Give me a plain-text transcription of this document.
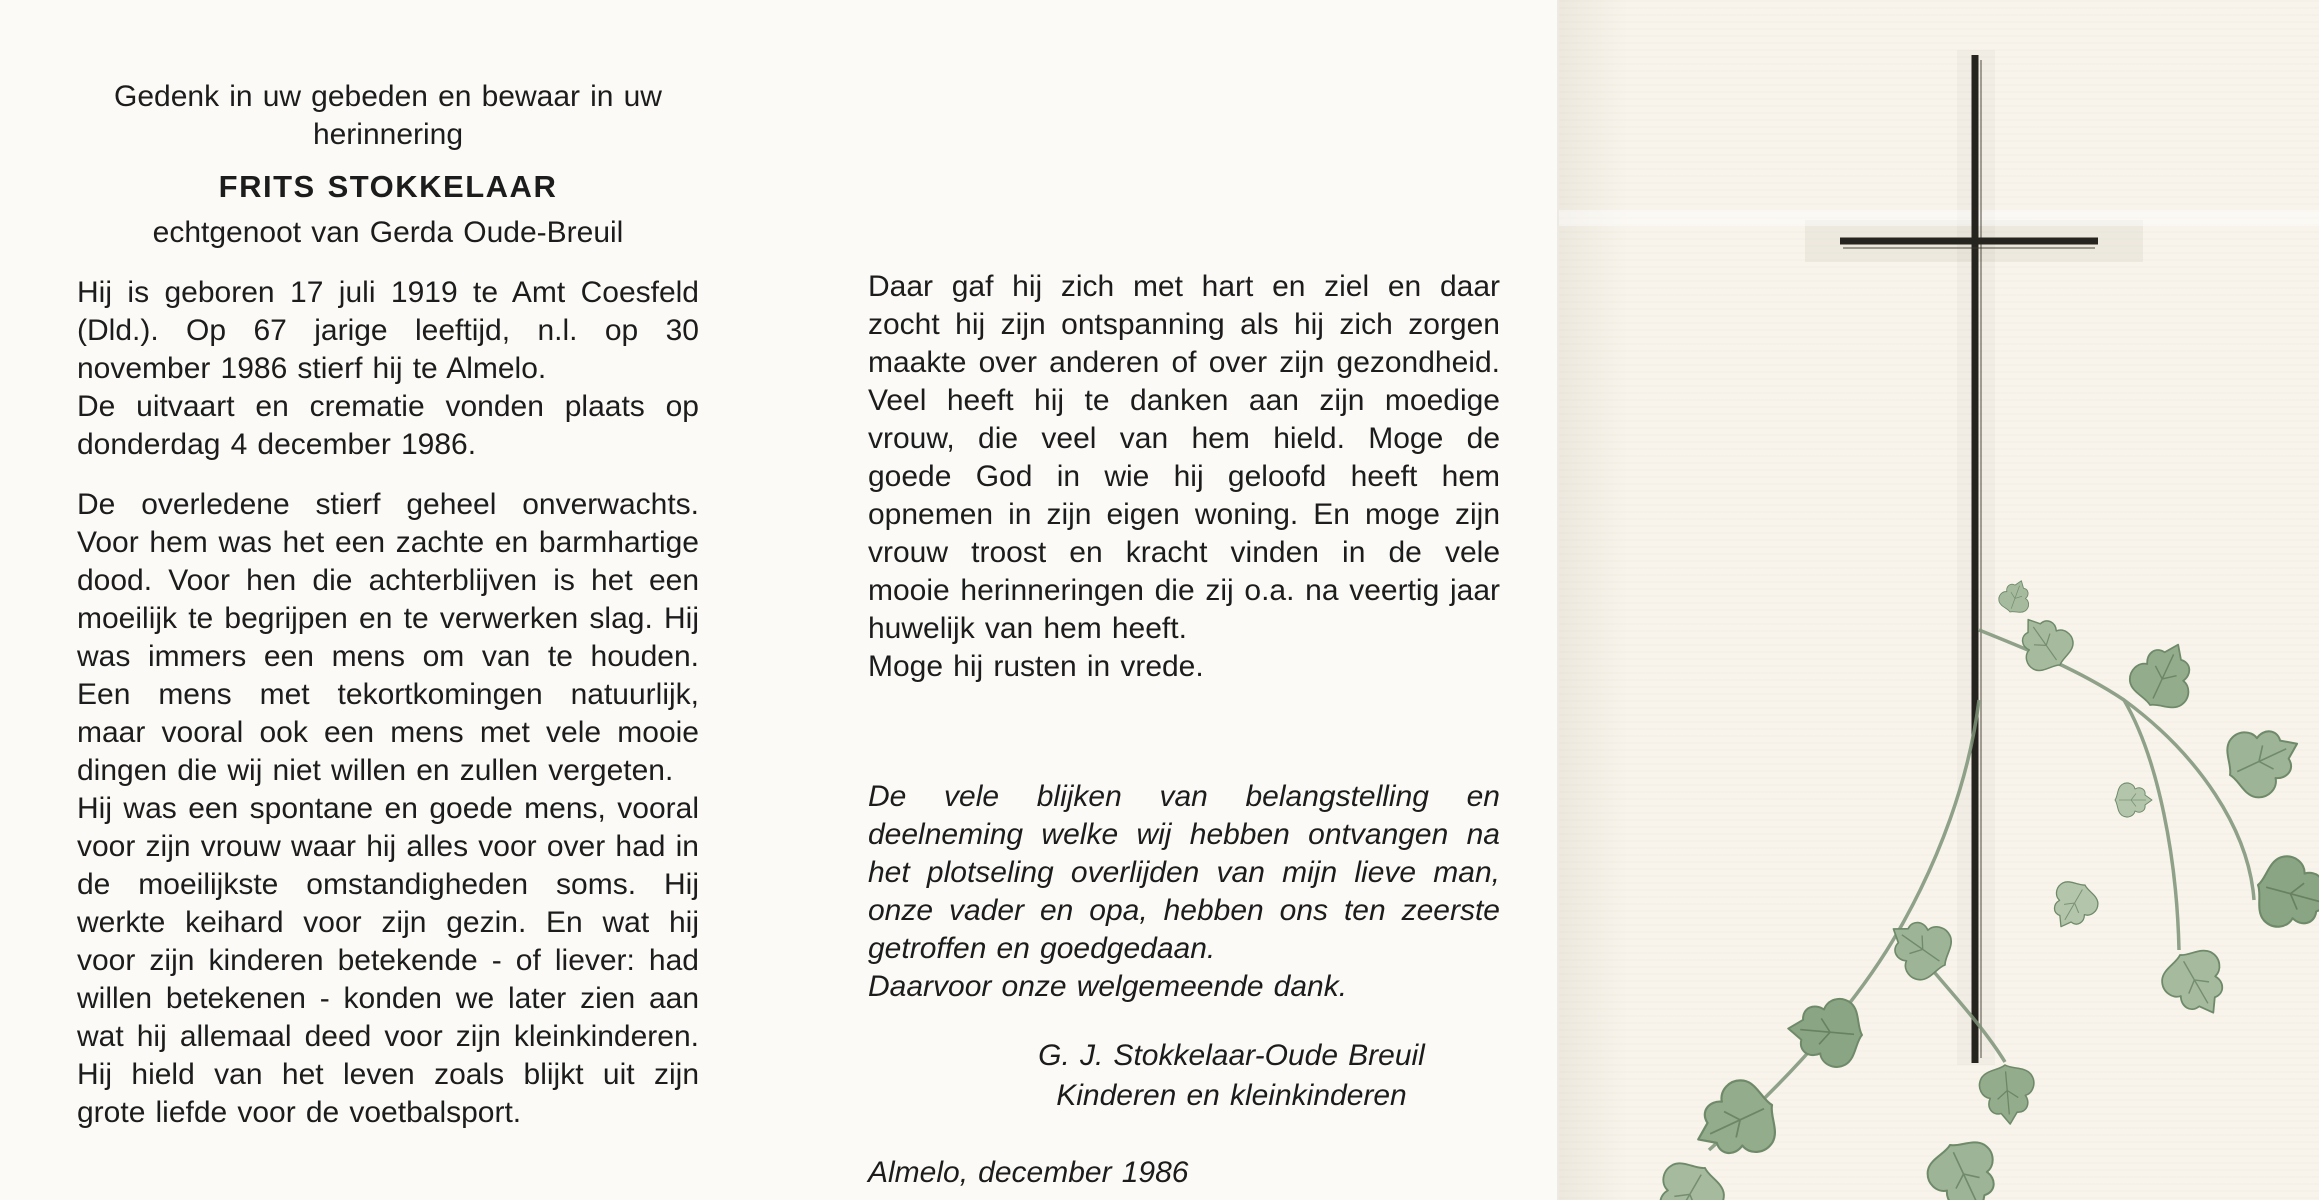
Gedenk in uw gebeden en bewaar in uw
herinnering
FRITS STOKKELAAR
echtgenoot van Gerda Oude-Breuil

Hij is geboren 17 juli 1919 te Amt Coesfeld (Dld.). Op 67 jarige leeftijd, n.l. op 30 november 1986 stierf hij te Almelo.
De uitvaart en crematie vonden plaats op donderdag 4 december 1986.

De overledene stierf geheel onverwachts. Voor hem was het een zachte en barmhartige dood. Voor hen die achterblijven is het een moeilijk te begrijpen en te verwerken slag. Hij was immers een mens om van te houden. Een mens met tekortkomingen natuurlijk, maar vooral ook een mens met vele mooie dingen die wij niet willen en zullen vergeten.
Hij was een spontane en goede mens, vooral voor zijn vrouw waar hij alles voor over had in de moeilijkste omstandigheden soms. Hij werkte keihard voor zijn gezin. En wat hij voor zijn kinderen betekende - of liever: had willen betekenen - konden we later zien aan wat hij allemaal deed voor zijn kleinkinderen. Hij hield van het leven zoals blijkt uit zijn grote liefde voor de voetbalsport.

Daar gaf hij zich met hart en ziel en daar zocht hij zijn ontspanning als hij zich zorgen maakte over anderen of over zijn gezondheid. Veel heeft hij te danken aan zijn moedige vrouw, die veel van hem hield. Moge de goede God in wie hij geloofd heeft hem opnemen in zijn eigen woning. En moge zijn vrouw troost en kracht vinden in de vele mooie herinneringen die zij o.a. na veertig jaar huwelijk van hem heeft.
Moge hij rusten in vrede.

De vele blijken van belangstelling en deelneming welke wij hebben ontvangen na het plotseling overlijden van mijn lieve man, onze vader en opa, hebben ons ten zeerste getroffen en goedgedaan.
Daarvoor onze welgemeende dank.

G. J. Stokkelaar-Oude Breuil
Kinderen en kleinkinderen
Almelo, december 1986
